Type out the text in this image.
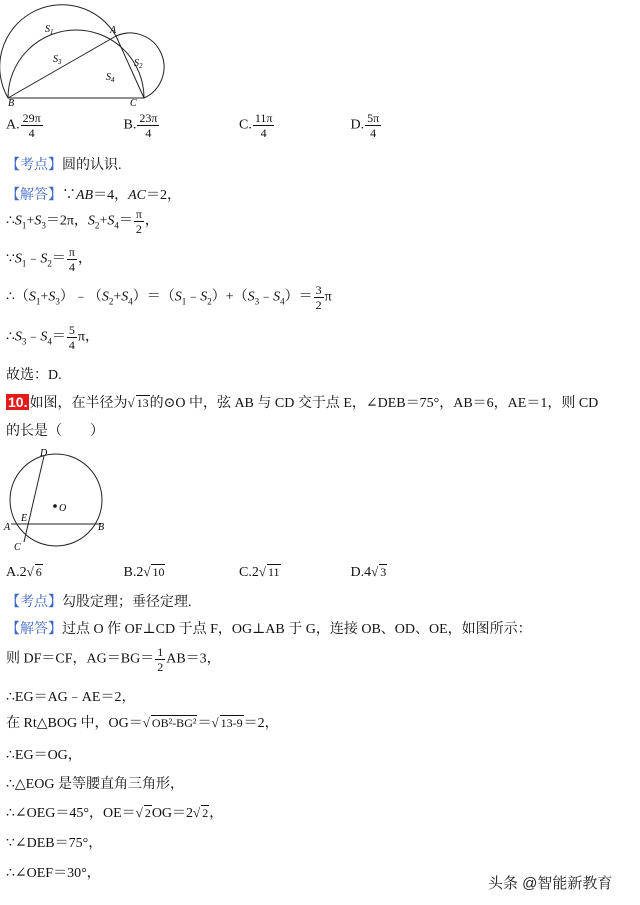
$S_1$
$S_3$	$S_2$
$S_4$
A
B	C
A. $\frac{29\pi}{4}$	B. $\frac{23\pi}{4}$	C. $\frac{11\pi}{4}$	D. $\frac{5\pi}{4}$
【考点】圆的认识.
【解答】∵AB＝4，AC＝2，
$\therefore S_1+S_3=2\pi$，$S_2+S_4= \frac{\pi}{2}$ ，
$\because S_1﹣S_2= \frac{\pi}{4}$ ，
$\therefore(S_1+S_3)﹣(S_2+S_4)=(S_1﹣S_2)+(S_3﹣S_4)= \frac{3}{2}$ π
$\therefore S_3﹣S_4= \frac{5}{4}$ π，
故选：D.
10. 如图，在半径为√ 13的⊙O 中，弦 AB 与 CD 交于点 E，∠DEB＝75°，AB＝6，AE＝1，则 CD
的长是（　　）
D
O
E
A	B
C
A.2√ 6	B.2√ 10	C.2√ 11	D.4√ 3
【考点】勾股定理；垂径定理.
【解答】过点 O 作 OF⊥CD 于点 F，OG⊥AB 于 G，连接 OB、OD、OE，如图所示：
则 DF＝CF，$AG=BG= \frac{1}{2} AB=3$，
∴EG＝AG﹣AE＝2，
在 Rt△BOG 中，OG＝√ OB²-BG²＝√ 13-9＝2，
∴EG＝OG，
∴△EOG 是等腰直角三角形，
∴∠OEG＝45°，OE＝√ 2OG＝2√ 2，
∵∠DEB＝75°，
∴∠OEF＝30°，
头条 @智能新教育
